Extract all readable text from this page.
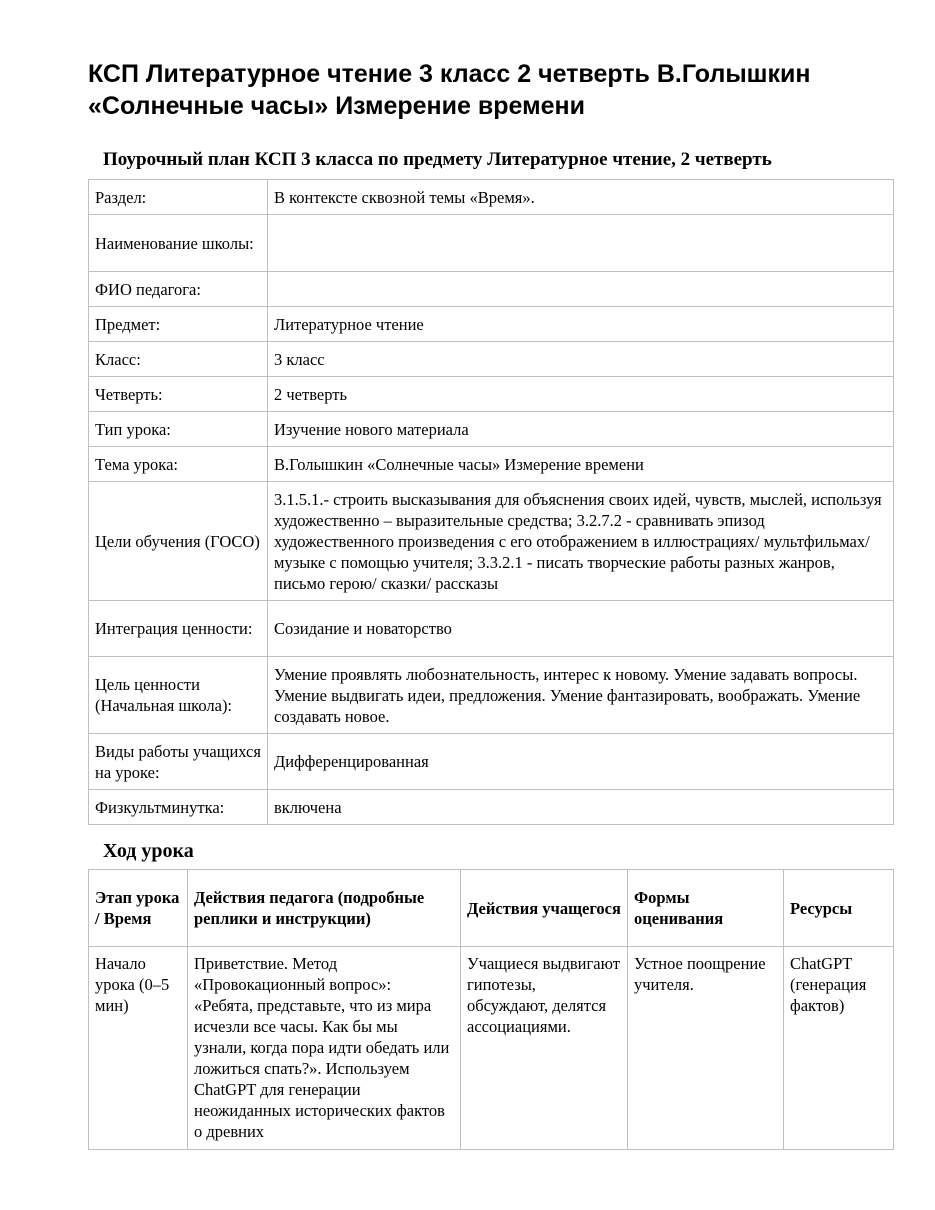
КСП Литературное чтение 3 класс 2 четверть В.Голышкин «Солнечные часы» Измерение времени
Поурочный план КСП 3 класса по предмету Литературное чтение, 2 четверть
Раздел:	В контексте сквозной темы «Время».
Наименование школы:	
ФИО педагога:	
Предмет:	Литературное чтение
Класс:	3 класс
Четверть:	2 четверть
Тип урока:	Изучение нового материала
Тема урока:	В.Голышкин «Солнечные часы» Измерение времени
Цели обучения (ГОСО)	3.1.5.1.- строить высказывания для объяснения своих идей, чувств, мыслей, используя художественно – выразительные средства; 3.2.7.2 - сравнивать эпизод художественного произведения с его отображением в иллюстрациях/ мультфильмах/ музыке с помощью учителя; 3.3.2.1 - писать творческие работы разных жанров, письмо герою/ сказки/ рассказы
Интеграция ценности:	Созидание и новаторство
Цель ценности (Начальная школа):	Умение проявлять любознательность, интерес к новому. Умение задавать вопросы. Умение выдвигать идеи, предложения. Умение фантазировать, воображать. Умение создавать новое.
Виды работы учащихся на уроке:	Дифференцированная
Физкультминутка:	включена
Ход урока
Этап урока / Время	Действия педагога (подробные реплики и инструкции)	Действия учащегося	Формы оценивания	Ресурсы
Начало урока (0–5 мин)	Приветствие. Метод «Провокационный вопрос»: «Ребята, представьте, что из мира исчезли все часы. Как бы мы узнали, когда пора идти обедать или ложиться спать?». Используем ChatGPT для генерации неожиданных исторических фактов о древних	Учащиеся выдвигают гипотезы, обсуждают, делятся ассоциациями.	Устное поощрение учителя.	ChatGPT (генерация фактов)
